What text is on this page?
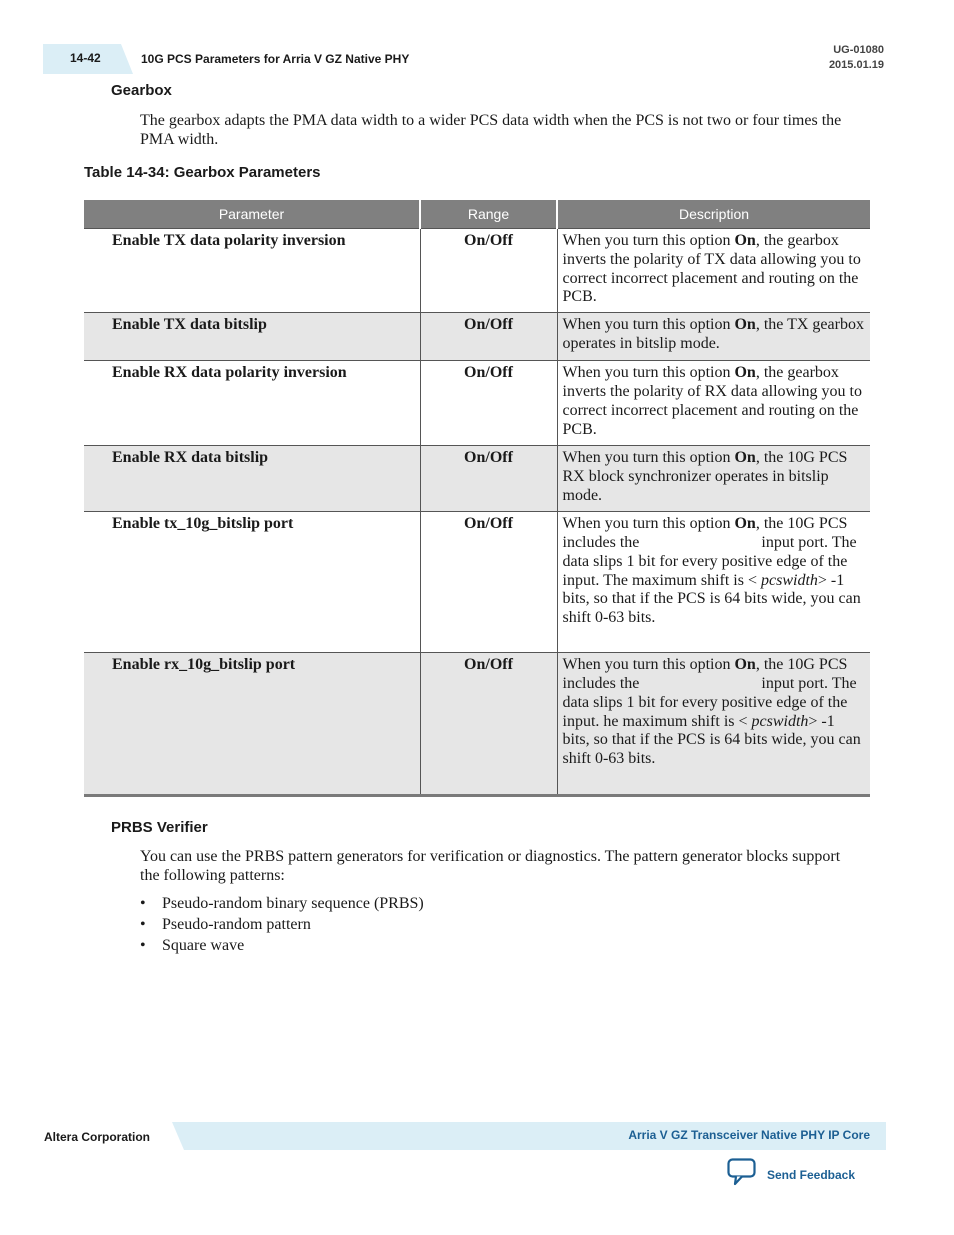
14-42	10G PCS Parameters for Arria V GZ Native PHY
UG-01080
2015.01.19
Gearbox
The gearbox adapts the PMA data width to a wider PCS data width when the PCS is not two or four times the PMA width.
Table 14-34: Gearbox Parameters
Parameter	Range	Description
Enable TX data polarity inversion	On/Off	When you turn this option On, the gearbox inverts the polarity of TX data allowing you to correct incorrect placement and routing on the PCB.
Enable TX data bitslip	On/Off	When you turn this option On, the TX gearbox operates in bitslip mode.
Enable RX data polarity inversion	On/Off	When you turn this option On, the gearbox inverts the polarity of RX data allowing you to correct incorrect placement and routing on the PCB.
Enable RX data bitslip	On/Off	When you turn this option On, the 10G PCS RX block synchronizer operates in bitslip mode.
Enable tx_10g_bitslip port	On/Off	When you turn this option On, the 10G PCS includes the input port. The data slips 1 bit for every positive edge of the
input. The maximum shift is < pcswidth> -1 bits, so that if the PCS is 64 bits wide, you can shift 0-63 bits.
Enable rx_10g_bitslip port	On/Off	When you turn this option On, the 10G PCS includes the input port. The data slips 1 bit for every positive edge of the
input. he maximum shift is < pcswidth> -1 bits, so that if the PCS is 64 bits wide, you can shift 0-63 bits.
PRBS Verifier
You can use the PRBS pattern generators for verification or diagnostics. The pattern generator blocks support the following patterns:
• Pseudo-random binary sequence (PRBS)
• Pseudo-random pattern
• Square wave
Altera Corporation	Arria V GZ Transceiver Native PHY IP Core
Send Feedback
